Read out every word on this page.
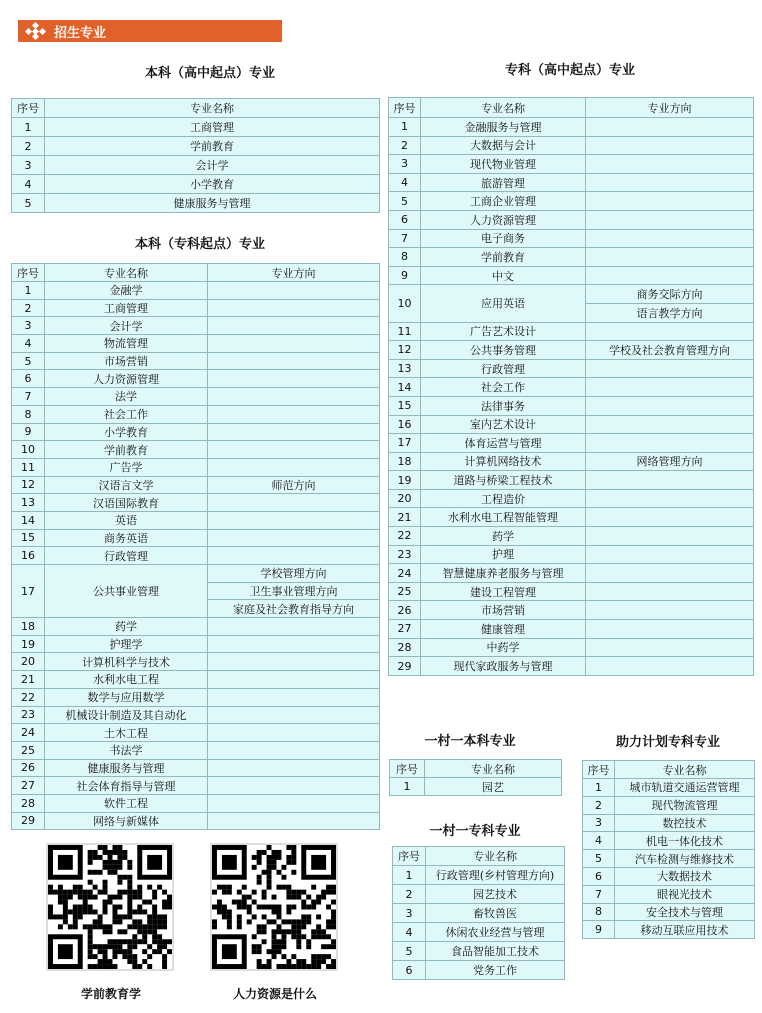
招生专业
本科（高中起点）专业	专科（高中起点）专业
本科（专科起点）专业
一村一本科专业
一村一专科专业
助力计划专科专业
序号	专业名称
1	工商管理
2	学前教育
3	会计学
4	小学教育
5	健康服务与管理
序号	专业名称	专业方向
1	金融学	
2	工商管理	
3	会计学	
4	物流管理	
5	市场营销	
6	人力资源管理	
7	法学	
8	社会工作	
9	小学教育	
10	学前教育	
11	广告学	
12	汉语言文学	师范方向
13	汉语国际教育	
14	英语	
15	商务英语	
16	行政管理	
17	公共事业管理	学校管理方向
		卫生事业管理方向
		家庭及社会教育指导方向
18	药学	
19	护理学	
20	计算机科学与技术	
21	水利水电工程	
22	数学与应用数学	
23	机械设计制造及其自动化	
24	土木工程	
25	书法学	
26	健康服务与管理	
27	社会体育指导与管理	
28	软件工程	
29	网络与新媒体	
序号	专业名称	专业方向
1	金融服务与管理	
2	大数据与会计	
3	现代物业管理	
4	旅游管理	
5	工商企业管理	
6	人力资源管理	
7	电子商务	
8	学前教育	
9	中文	
10	应用英语	商务交际方向
		语言教学方向
11	广告艺术设计	
12	公共事务管理	学校及社会教育管理方向
13	行政管理	
14	社会工作	
15	法律事务	
16	室内艺术设计	
17	体育运营与管理	
18	计算机网络技术	网络管理方向
19	道路与桥梁工程技术	
20	工程造价	
21	水利水电工程智能管理	
22	药学	
23	护理	
24	智慧健康养老服务与管理	
25	建设工程管理	
26	市场营销	
27	健康管理	
28	中药学	
29	现代家政服务与管理	
序号	专业名称
1	园艺
序号	专业名称
1	行政管理(乡村管理方向)
2	园艺技术
3	畜牧兽医
4	休闲农业经营与管理
5	食品智能加工技术
6	党务工作
序号	专业名称
1	城市轨道交通运营管理
2	现代物流管理
3	数控技术
4	机电一体化技术
5	汽车检测与维修技术
6	大数据技术
7	眼视光技术
8	安全技术与管理
9	移动互联应用技术
学前教育学	人力资源是什么
